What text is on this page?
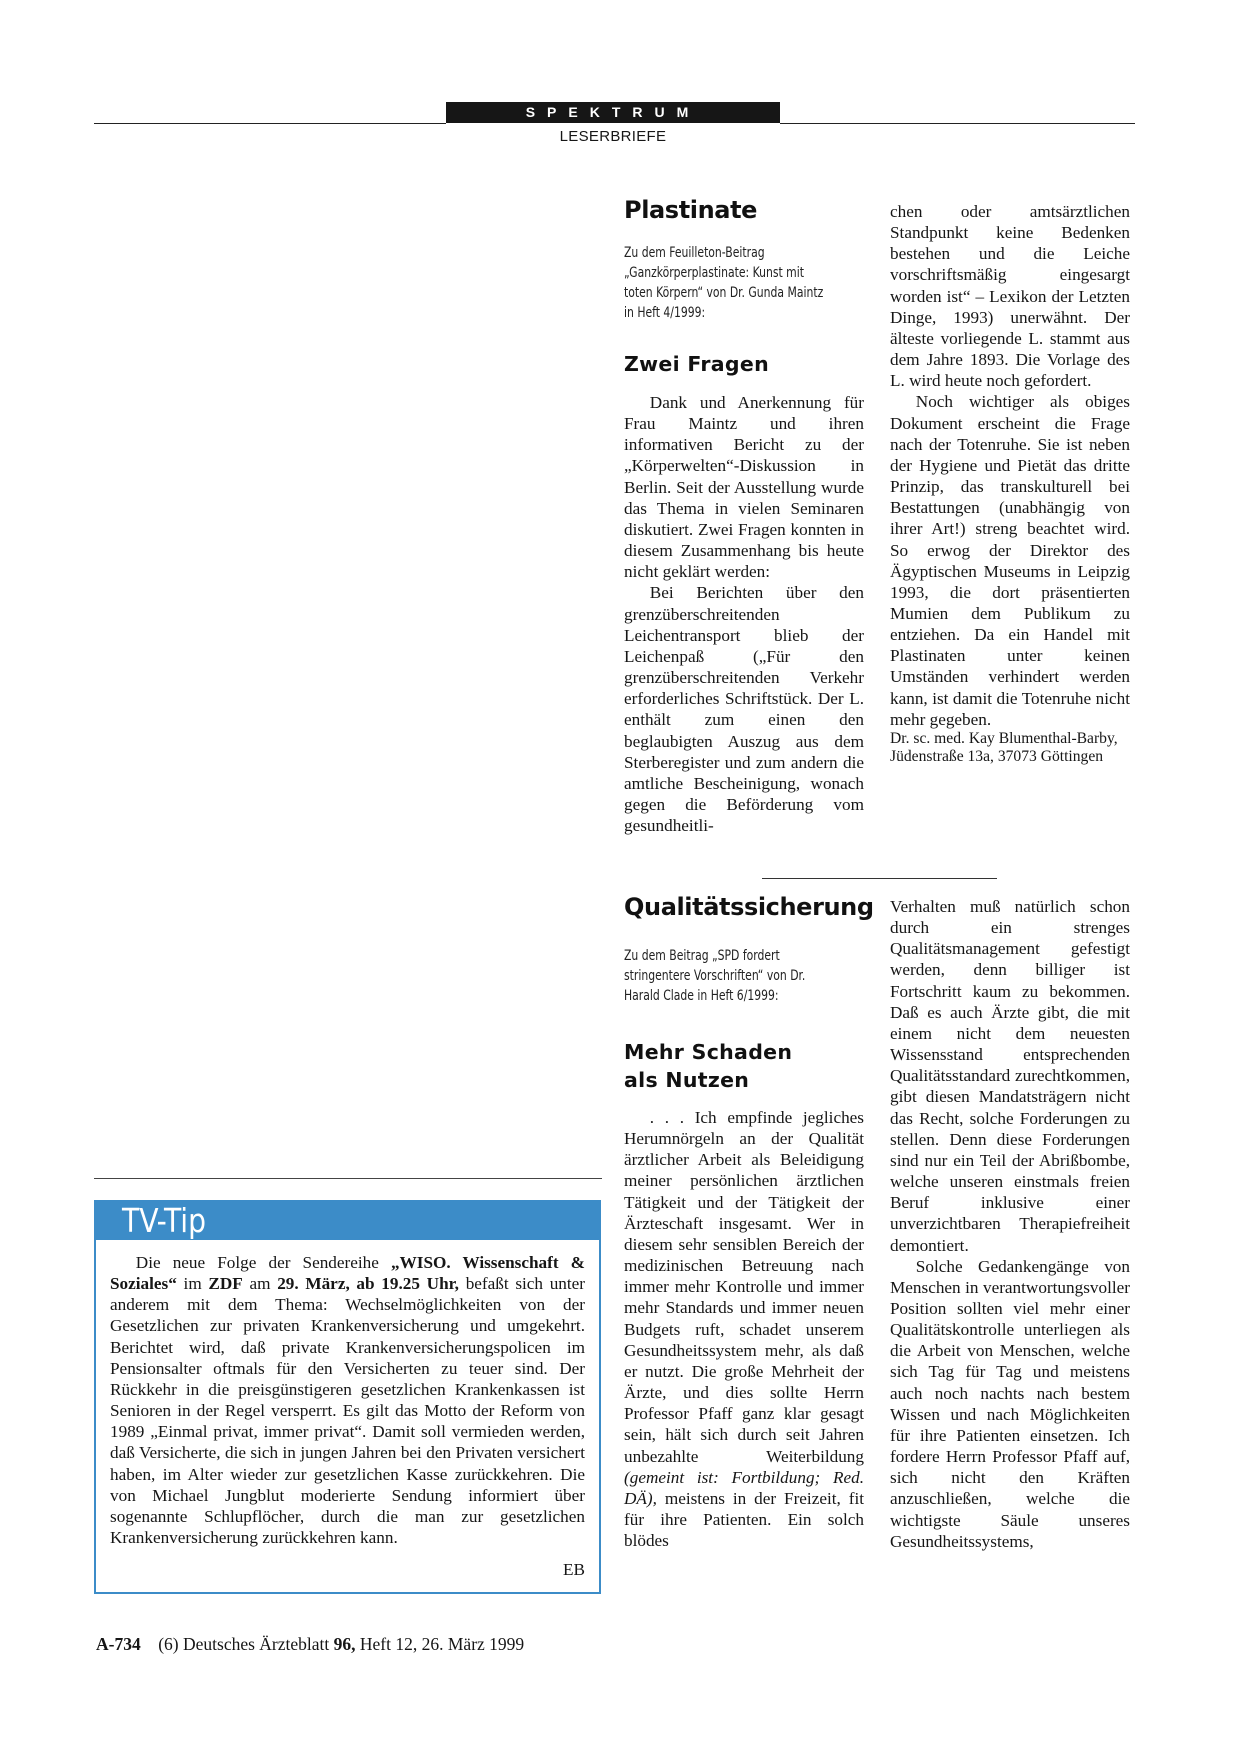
SPEKTRUM
LESERBRIEFE
Plastinate

Zu dem Feuilleton-Beitrag „Ganzkörperplastinate: Kunst mit toten Körpern“ von Dr. Gunda Maintz in Heft 4/1999:

Zwei Fragen

Dank und Anerkennung für Frau Maintz und ihren informativen Bericht zu der „Körperwelten“-Diskussion in Berlin. Seit der Ausstellung wurde das Thema in vielen Seminaren diskutiert. Zwei Fragen konnten in diesem Zusammenhang bis heute nicht geklärt werden:

Bei Berichten über den grenzüberschreitenden Leichentransport blieb der Leichenpaß („Für den grenzüberschreitenden Verkehr erforderliches Schriftstück. Der L. enthält zum einen den beglaubigten Auszug aus dem Sterberegister und zum andern die amtliche Bescheinigung, wonach gegen die Beförderung vom gesundheitli-

chen oder amtsärztlichen Standpunkt keine Bedenken bestehen und die Leiche vorschriftsmäßig eingesargt worden ist“ – Lexikon der Letzten Dinge, 1993) unerwähnt. Der älteste vorliegende L. stammt aus dem Jahre 1893. Die Vorlage des L. wird heute noch gefordert.

Noch wichtiger als obiges Dokument erscheint die Frage nach der Totenruhe. Sie ist neben der Hygiene und Pietät das dritte Prinzip, das transkulturell bei Bestattungen (unabhängig von ihrer Art!) streng beachtet wird. So erwog der Direktor des Ägyptischen Museums in Leipzig 1993, die dort präsentierten Mumien dem Publikum zu entziehen. Da ein Handel mit Plastinaten unter keinen Umständen verhindert werden kann, ist damit die Totenruhe nicht mehr gegeben.

Dr. sc. med. Kay Blumenthal-Barby, Jüdenstraße 13a, 37073 Göttingen

Qualitätssicherung

Zu dem Beitrag „SPD fordert stringentere Vorschriften“ von Dr. Harald Clade in Heft 6/1999:

Mehr Schaden
als Nutzen

. . . Ich empfinde jegliches Herumnörgeln an der Qualität ärztlicher Arbeit als Beleidigung meiner persönlichen ärztlichen Tätigkeit und der Tätigkeit der Ärzteschaft insgesamt. Wer in diesem sehr sensiblen Bereich der medizinischen Betreuung nach immer mehr Kontrolle und immer mehr Standards und immer neuen Budgets ruft, schadet unserem Gesundheitssystem mehr, als daß er nutzt. Die große Mehrheit der Ärzte, und dies sollte Herrn Professor Pfaff ganz klar gesagt sein, hält sich durch seit Jahren unbezahlte Weiterbildung (gemeint ist: Fortbildung; Red. DÄ), meistens in der Freizeit, fit für ihre Patienten. Ein solch blödes

Verhalten muß natürlich schon durch ein strenges Qualitätsmanagement gefestigt werden, denn billiger ist Fortschritt kaum zu bekommen. Daß es auch Ärzte gibt, die mit einem nicht dem neuesten Wissensstand entsprechenden Qualitätsstandard zurechtkommen, gibt diesen Mandatsträgern nicht das Recht, solche Forderungen zu stellen. Denn diese Forderungen sind nur ein Teil der Abrißbombe, welche unseren einstmals freien Beruf inklusive einer unverzichtbaren Therapiefreiheit demontiert.

Solche Gedankengänge von Menschen in verantwortungsvoller Position sollten viel mehr einer Qualitätskontrolle unterliegen als die Arbeit von Menschen, welche sich Tag für Tag und meistens auch noch nachts nach bestem Wissen und nach Möglichkeiten für ihre Patienten einsetzen. Ich fordere Herrn Professor Pfaff auf, sich nicht den Kräften anzuschließen, welche die wichtigste Säule unseres Gesundheitssystems,

TV-Tip

Die neue Folge der Sendereihe „WISO. Wissenschaft & Soziales“ im ZDF am 29. März, ab 19.25 Uhr, befaßt sich unter anderem mit dem Thema: Wechselmöglichkeiten von der Gesetzlichen zur privaten Krankenversicherung und umgekehrt. Berichtet wird, daß private Krankenversicherungspolicen im Pensionsalter oftmals für den Versicherten zu teuer sind. Der Rückkehr in die preisgünstigeren gesetzlichen Krankenkassen ist Senioren in der Regel versperrt. Es gilt das Motto der Reform von 1989 „Einmal privat, immer privat“. Damit soll vermieden werden, daß Versicherte, die sich in jungen Jahren bei den Privaten versichert haben, im Alter wieder zur gesetzlichen Kasse zurückkehren. Die von Michael Jungblut moderierte Sendung informiert über sogenannte Schlupflöcher, durch die man zur gesetzlichen Krankenversicherung zurückkehren kann.

EB
A-734 (6) Deutsches Ärzteblatt 96, Heft 12, 26. März 1999
